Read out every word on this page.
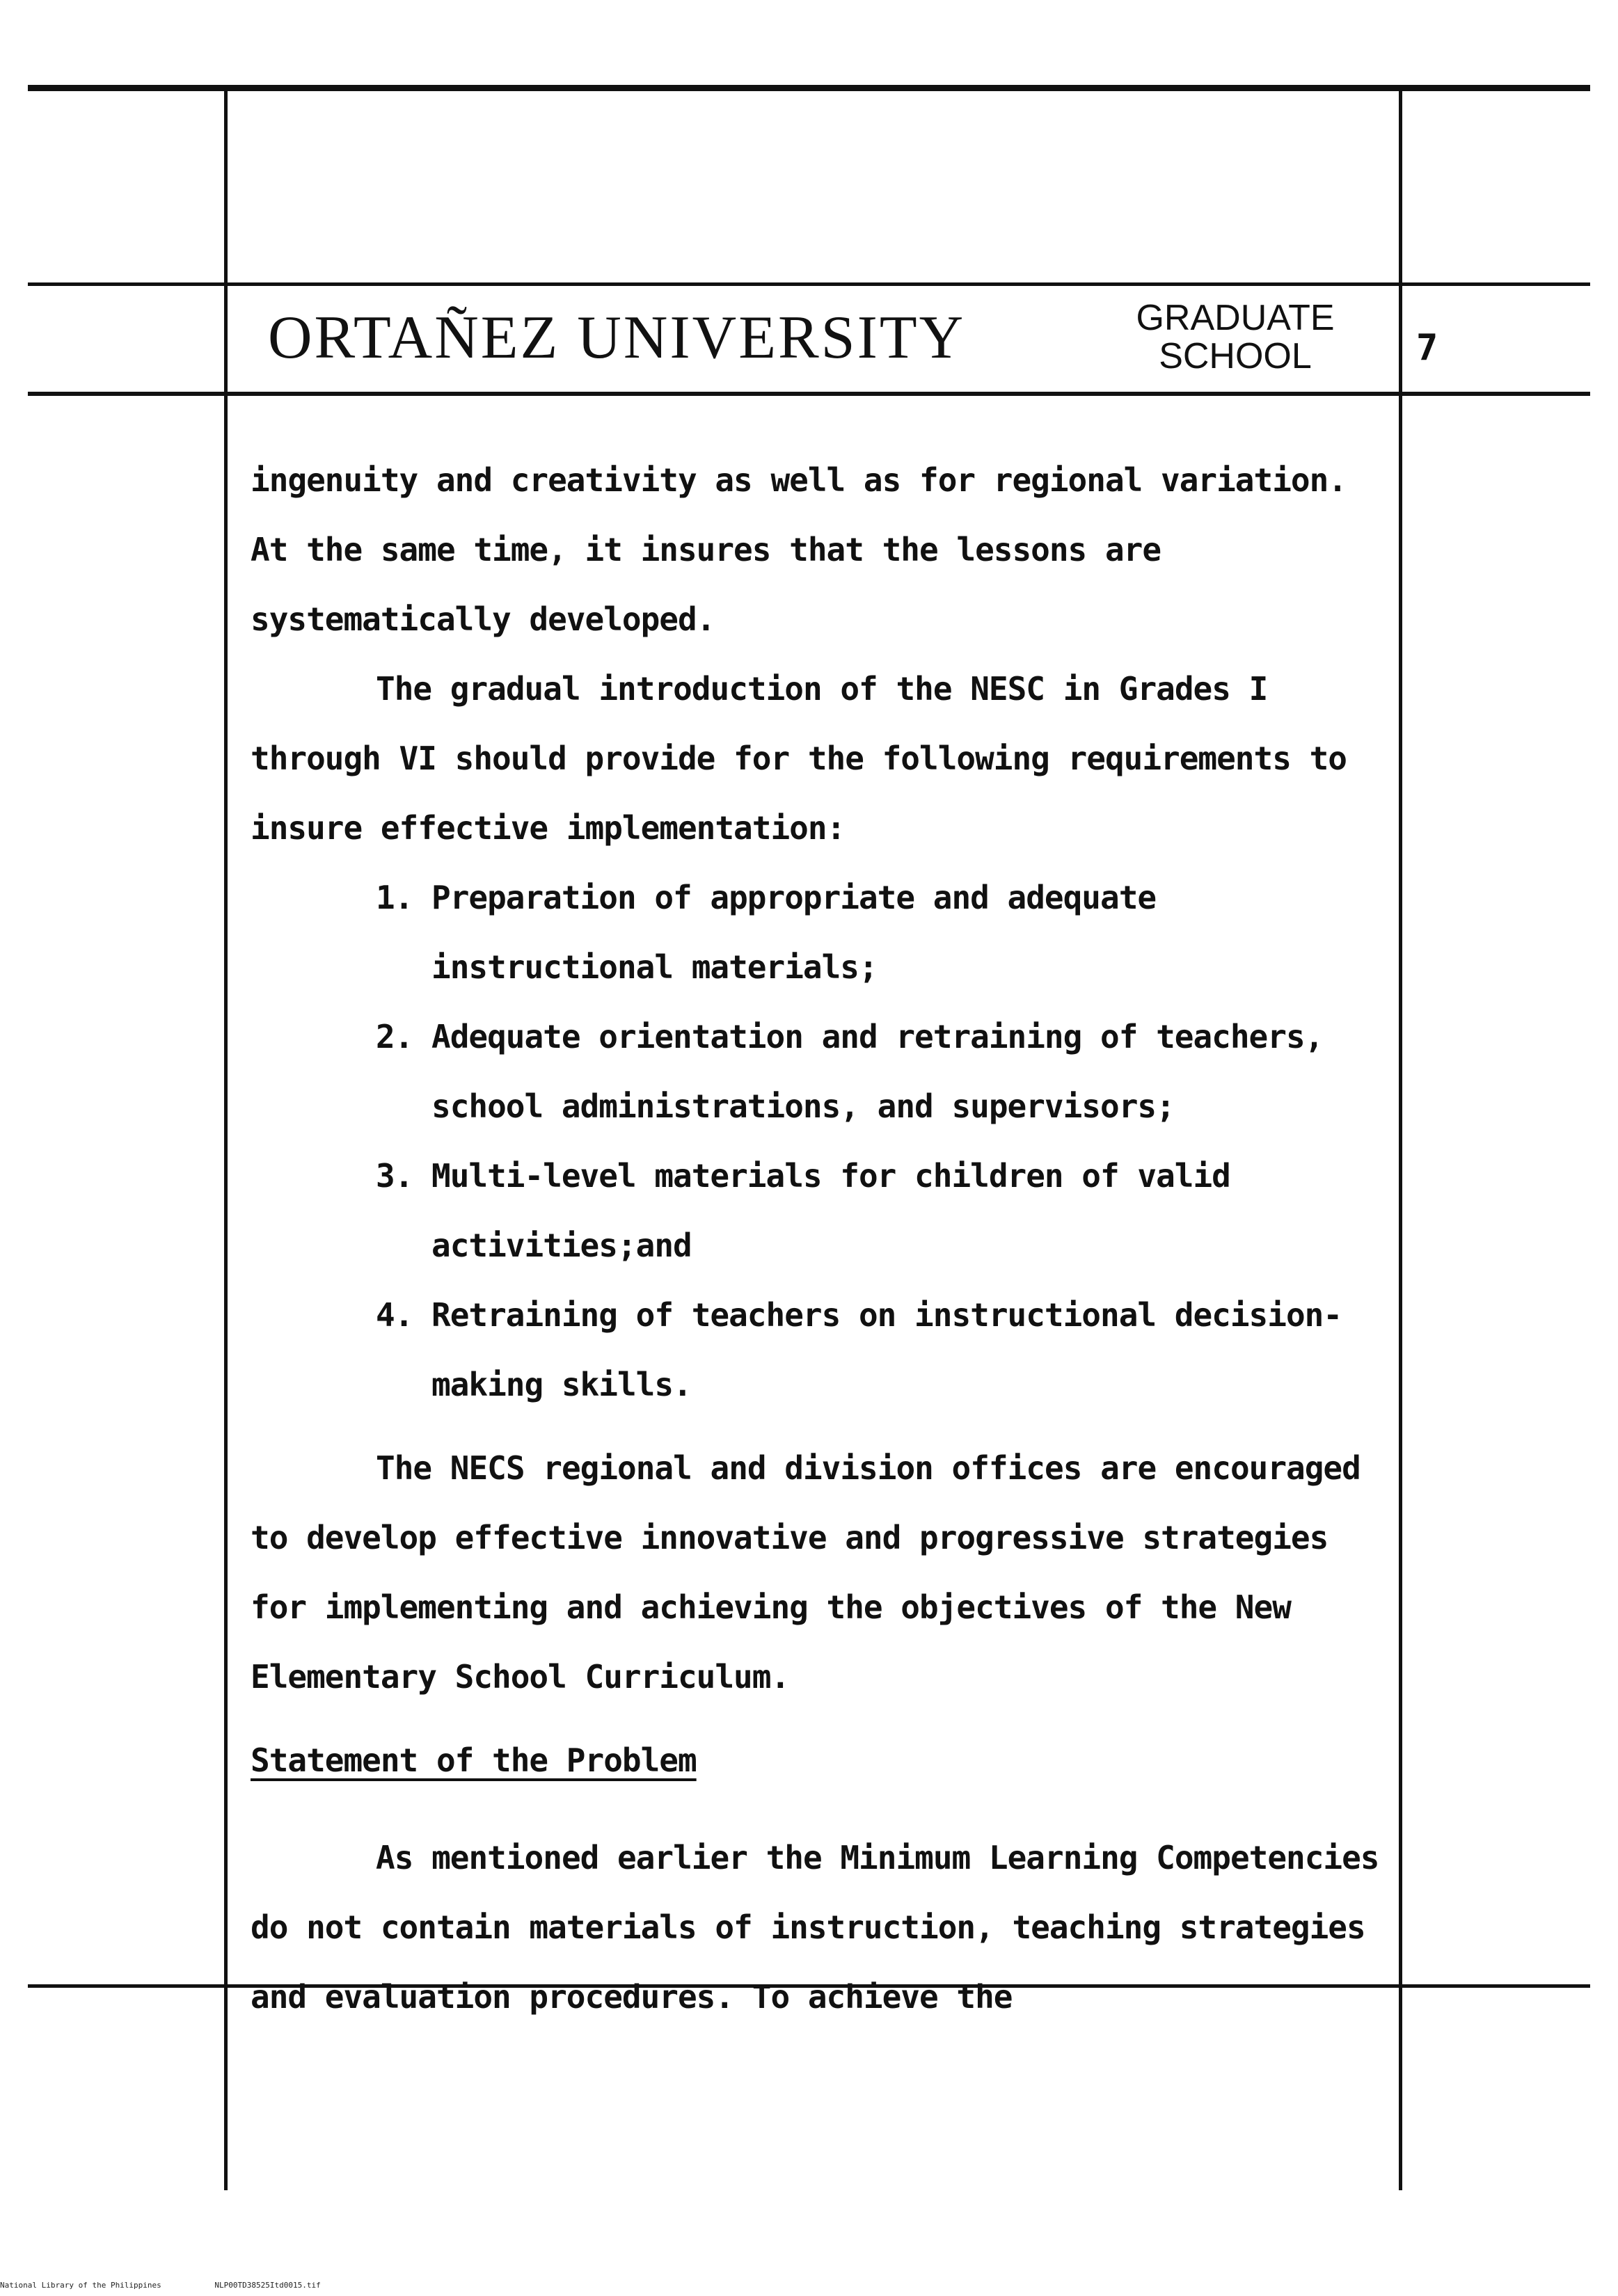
ORTAÑEZ UNIVERSITY	GRADUATE
SCHOOL	7

ingenuity and creativity as well as for regional variation. At the same time, it insures that the lessons are systematically developed.

The gradual introduction of the NESC in Grades I through VI should provide for the following requirements to insure effective implementation:

1. Preparation of appropriate and adequate instructional materials;
2. Adequate orientation and retraining of teachers, school administrations, and supervisors;
3. Multi-level materials for children of valid activities;and
4. Retraining of teachers on instructional decision-making skills.

The NECS regional and division offices are encouraged to develop effective innovative and progressive strategies for implementing and achieving the objectives of the New Elementary School Curriculum.

Statement of the Problem

As mentioned earlier the Minimum Learning Competencies do not contain materials of instruction, teaching strategies and evaluation procedures. To achieve the

National Library of the Philippines	NLP00TD38525Itd0015.tif
